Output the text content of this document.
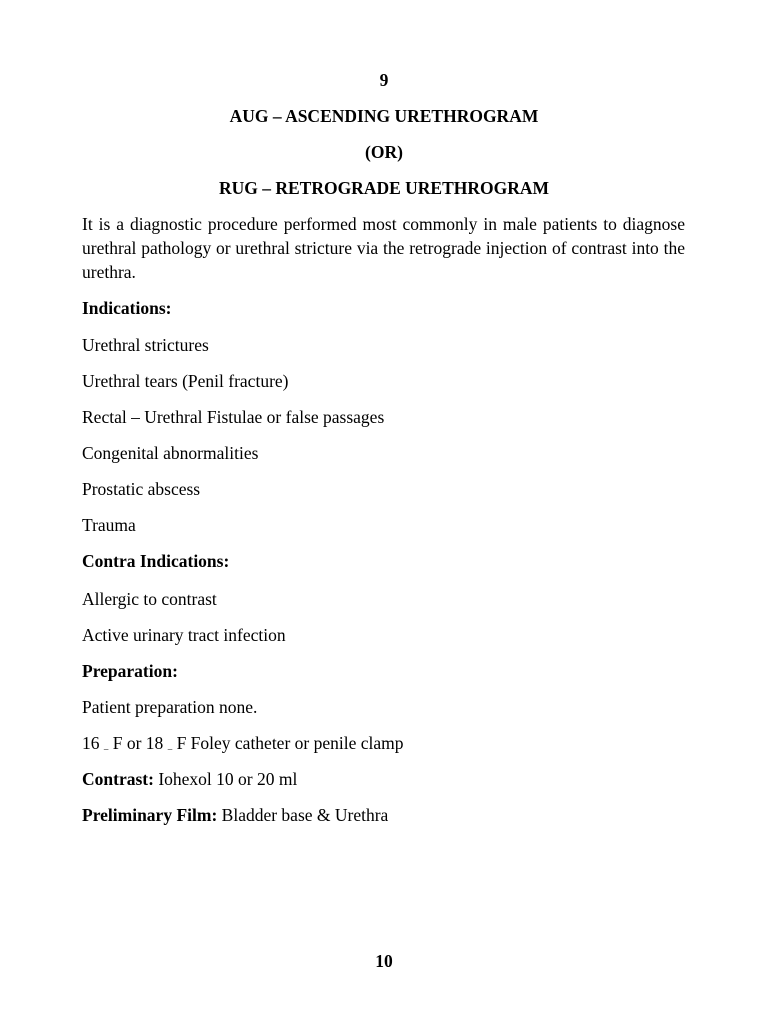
9
AUG – ASCENDING URETHROGRAM
(OR)
RUG – RETROGRADE URETHROGRAM
It is a diagnostic procedure performed most commonly in male patients to diagnose urethral pathology or urethral stricture via the retrograde injection of contrast into the urethra.
Indications:
Urethral strictures
Urethral tears (Penil fracture)
Rectal – Urethral Fistulae or false passages
Congenital abnormalities
Prostatic abscess
Trauma
Contra Indications:
Allergic to contrast
Active urinary tract infection
Preparation:
Patient preparation none.
16 $_-$ F or 18 $_-$ F Foley catheter or penile clamp
Contrast: Iohexol 10 or 20 ml
Preliminary Film: Bladder base & Urethra
10
